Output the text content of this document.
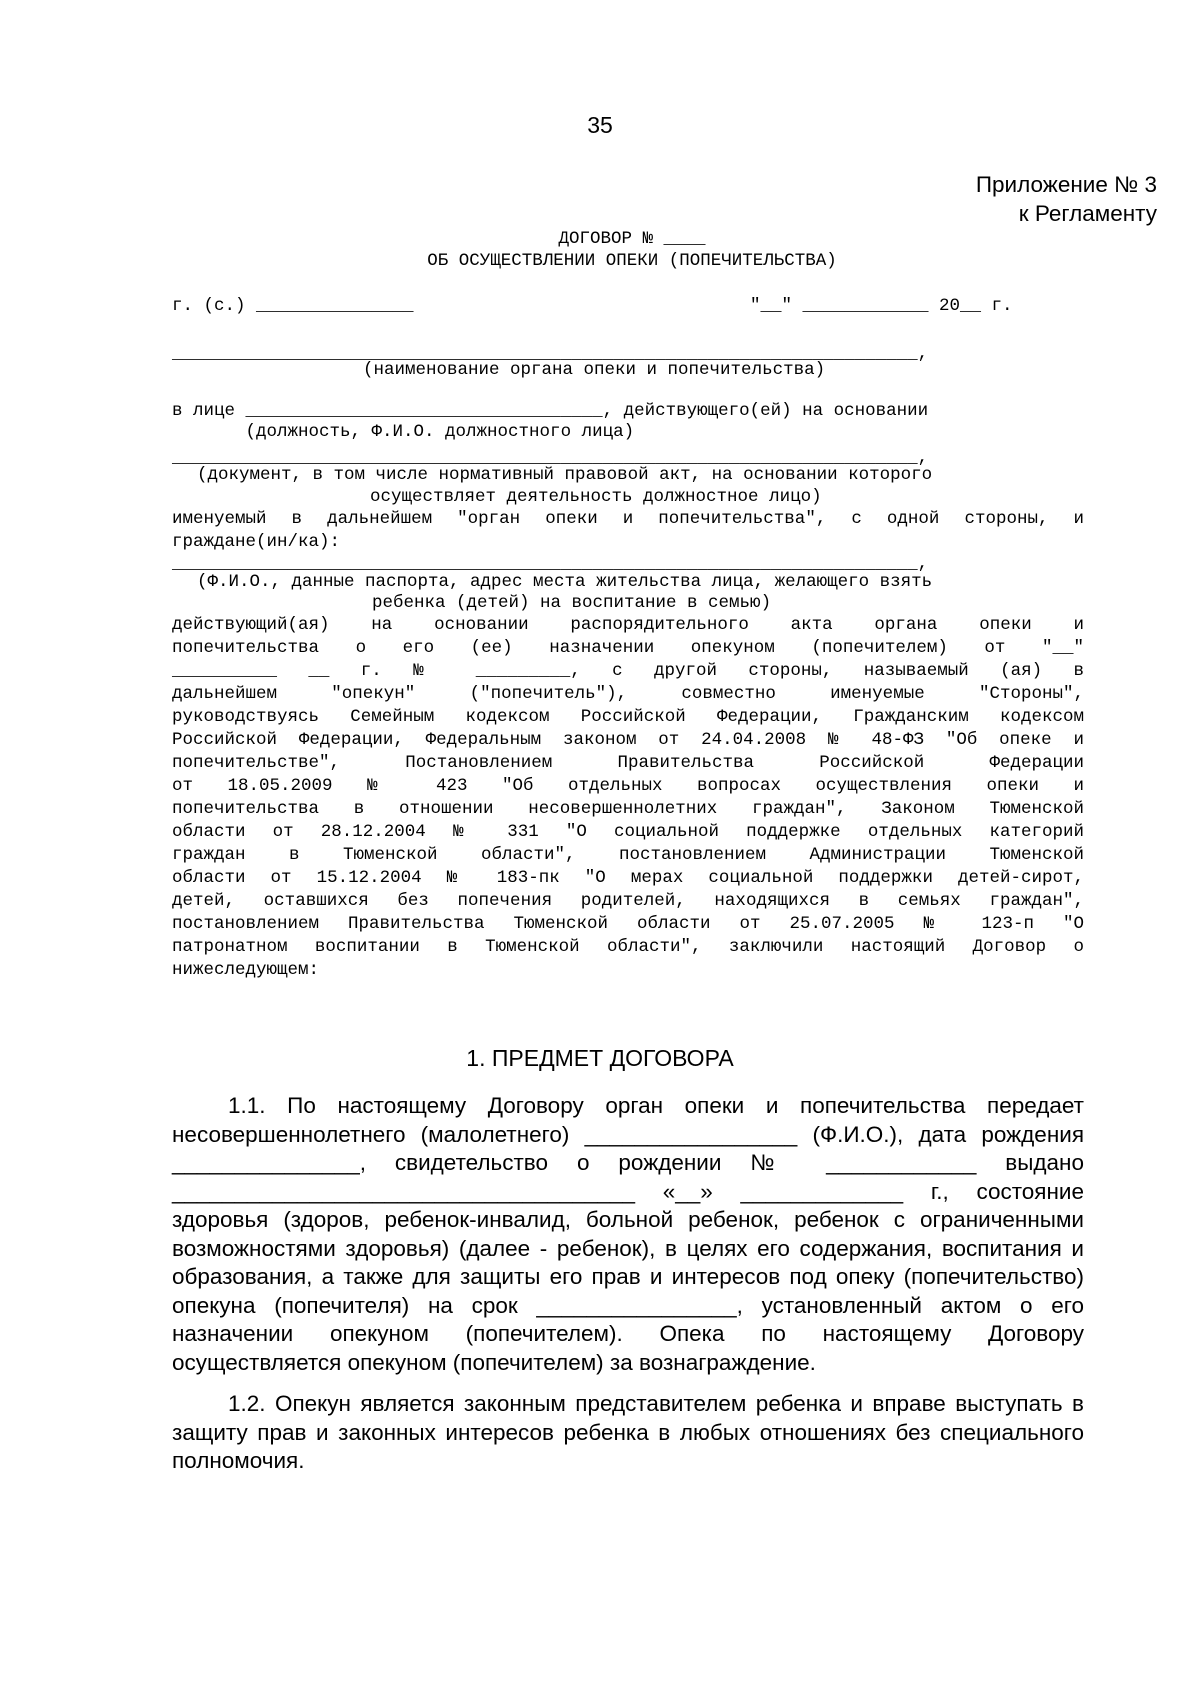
35
Приложение № 3
к Регламенту
ДОГОВОР № ____
ОБ ОСУЩЕСТВЛЕНИИ ОПЕКИ (ПОПЕЧИТЕЛЬСТВА)
г. (с.) _______________	"__" ____________ 20__ г.
_______________________________________________________________________,
(наименование органа опеки и попечительства)
в лице __________________________________, действующего(ей) на основании
(должность, Ф.И.О. должностного лица)
_______________________________________________________________________,
(документ, в том числе нормативный правовой акт, на основании которого
осуществляет деятельность должностное лицо)
именуемый в дальнейшем "орган опеки и попечительства", с одной стороны, и
граждане(ин/ка):
_______________________________________________________________________,
(Ф.И.О., данные паспорта, адрес места жительства лица, желающего взять
ребенка (детей) на воспитание в семью)
действующий(ая) на основании распорядительного акта органа опеки и
попечительства о его (ее) назначении опекуном (попечителем) от "__"
__________ __ г. № _________, с другой стороны, называемый (ая) в
дальнейшем "опекун" ("попечитель"), совместно именуемые "Стороны",
руководствуясь Семейным кодексом Российской Федерации, Гражданским кодексом
Российской Федерации, Федеральным законом от 24.04.2008 № 48-ФЗ "Об опеке и
попечительстве", Постановлением Правительства Российской Федерации
от 18.05.2009 № 423 "Об отдельных вопросах осуществления опеки и
попечительства в отношении несовершеннолетних граждан", Законом Тюменской
области от 28.12.2004 № 331 "О социальной поддержке отдельных категорий
граждан в Тюменской области", постановлением Администрации Тюменской
области от 15.12.2004 № 183-пк "О мерах социальной поддержки детей-сирот,
детей, оставшихся без попечения родителей, находящихся в семьях граждан",
постановлением Правительства Тюменской области от 25.07.2005 № 123-п "О
патронатном воспитании в Тюменской области", заключили настоящий Договор о
нижеследующем:
1. ПРЕДМЕТ ДОГОВОРА
1.1. По настоящему Договору орган опеки и попечительства передает
несовершеннолетнего (малолетнего) _________________ (Ф.И.О.), дата рождения
_______________, свидетельство о рождении № ____________ выдано
_____________________________________ «__» _____________ г., состояние
здоровья (здоров, ребенок-инвалид, больной ребенок, ребенок с ограниченными
возможностями здоровья) (далее - ребенок), в целях его содержания, воспитания и
образования, а также для защиты его прав и интересов под опеку (попечительство)
опекуна (попечителя) на срок ________________, установленный актом о его
назначении опекуном (попечителем). Опека по настоящему Договору
осуществляется опекуном (попечителем) за вознаграждение.
1.2. Опекун является законным представителем ребенка и вправе выступать в
защиту прав и законных интересов ребенка в любых отношениях без специального
полномочия.
